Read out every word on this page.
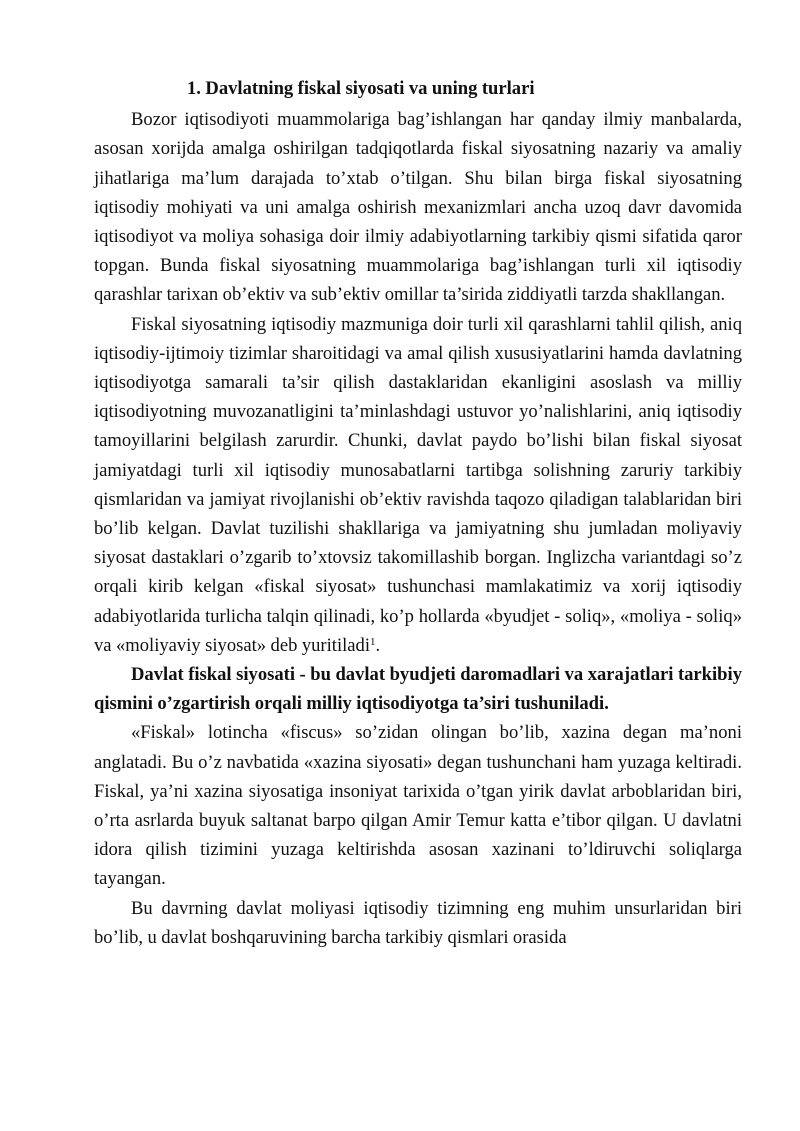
1. Davlatning fiskal siyosati va uning turlari

Bozor iqtisodiyoti muammolariga bag’ishlangan har qanday ilmiy manbalarda, asosan xorijda amalga oshirilgan tadqiqotlarda fiskal siyosatning nazariy va amaliy jihatlariga ma’lum darajada to’xtab o’tilgan. Shu bilan birga fiskal siyosatning iqtisodiy mohiyati va uni amalga oshirish mexanizmlari ancha uzoq davr davomida iqtisodiyot va moliya sohasiga doir ilmiy adabiyotlarning tarkibiy qismi sifatida qaror topgan. Bunda fiskal siyosatning muammolariga bag’ishlangan turli xil iqtisodiy qarashlar tarixan ob’ektiv va sub’ektiv omillar ta’sirida ziddiyatli tarzda shakllangan.

Fiskal siyosatning iqtisodiy mazmuniga doir turli xil qarashlarni tahlil qilish, aniq iqtisodiy-ijtimoiy tizimlar sharoitidagi va amal qilish xususiyatlarini hamda davlatning iqtisodiyotga samarali ta’sir qilish dastaklaridan ekanligini asoslash va milliy iqtisodiyotning muvozanatligini ta’minlashdagi ustuvor yo’nalishlarini, aniq iqtisodiy tamoyillarini belgilash zarurdir. Chunki, davlat paydo bo’lishi bilan fiskal siyosat jamiyatdagi turli xil iqtisodiy munosabatlarni tartibga solishning zaruriy tarkibiy qismlaridan va jamiyat rivojlanishi ob’ektiv ravishda taqozo qiladigan talablaridan biri bo’lib kelgan. Davlat tuzilishi shakllariga va jamiyatning shu jumladan moliyaviy siyosat dastaklari o’zgarib to’xtovsiz takomillashib borgan. Inglizcha variantdagi so’z orqali kirib kelgan «fiskal siyosat» tushunchasi mamlakatimiz va xorij iqtisodiy adabiyotlarida turlicha talqin qilinadi, ko’p hollarda «byudjet - soliq», «moliya - soliq» va «moliyaviy siyosat» deb yuritiladi$^1$.

Davlat fiskal siyosati - bu davlat byudjeti daromadlari va xarajatlari tarkibiy qismini o’zgartirish orqali milliy iqtisodiyotga ta’siri tushuniladi.

«Fiskal» lotincha «fiscus» so’zidan olingan bo’lib, xazina degan ma’noni anglatadi. Bu o’z navbatida «xazina siyosati» degan tushunchani ham yuzaga keltiradi. Fiskal, ya’ni xazina siyosatiga insoniyat tarixida o’tgan yirik davlat arboblaridan biri, o’rta asrlarda buyuk saltanat barpo qilgan Amir Temur katta e’tibor qilgan. U davlatni idora qilish tizimini yuzaga keltirishda asosan xazinani to’ldiruvchi soliqlarga tayangan.

Bu davrning davlat moliyasi iqtisodiy tizimning eng muhim unsurlaridan biri bo’lib, u davlat boshqaruvining barcha tarkibiy qismlari orasida
